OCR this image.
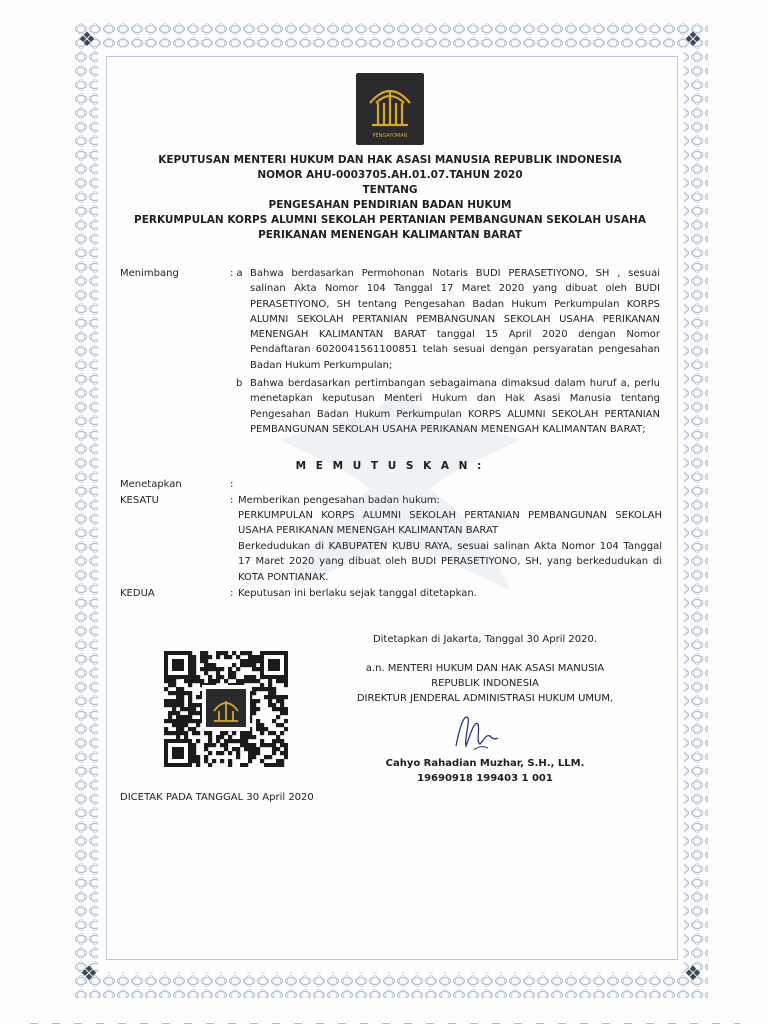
❖	❖
❖	❖
PENGAYOMAN
KEPUTUSAN MENTERI HUKUM DAN HAK ASASI MANUSIA REPUBLIK INDONESIA
NOMOR AHU-0003705.AH.01.07.TAHUN 2020
TENTANG
PENGESAHAN PENDIRIAN BADAN HUKUM
PERKUMPULAN KORPS ALUMNI SEKOLAH PERTANIAN PEMBANGUNAN SEKOLAH USAHA
PERIKANAN MENENGAH KALIMANTAN BARAT
Menimbang	: a Bahwa berdasarkan Permohonan Notaris BUDI PERASETIYONO, SH , sesuai salinan Akta Nomor 104 Tanggal 17 Maret 2020 yang dibuat oleh BUDI PERASETIYONO, SH tentang Pengesahan Badan Hukum Perkumpulan KORPS ALUMNI SEKOLAH PERTANIAN PEMBANGUNAN SEKOLAH USAHA PERIKANAN MENENGAH KALIMANTAN BARAT tanggal 15 April 2020 dengan Nomor Pendaftaran 6020041561100851 telah sesuai dengan persyaratan pengesahan Badan Hukum Perkumpulan;
b Bahwa berdasarkan pertimbangan sebagaimana dimaksud dalam huruf a, perlu menetapkan keputusan Menteri Hukum dan Hak Asasi Manusia tentang Pengesahan Badan Hukum Perkumpulan KORPS ALUMNI SEKOLAH PERTANIAN PEMBANGUNAN SEKOLAH USAHA PERIKANAN MENENGAH KALIMANTAN BARAT;
M E M U T U S K A N :
Menetapkan	:
KESATU	: Memberikan pengesahan badan hukum:
PERKUMPULAN KORPS ALUMNI SEKOLAH PERTANIAN PEMBANGUNAN SEKOLAH USAHA PERIKANAN MENENGAH KALIMANTAN BARAT
Berkedudukan di KABUPATEN KUBU RAYA, sesuai salinan Akta Nomor 104 Tanggal 17 Maret 2020 yang dibuat oleh BUDI PERASETIYONO, SH, yang berkedudukan di KOTA PONTIANAK.
KEDUA	: Keputusan ini berlaku sejak tanggal ditetapkan.
Ditetapkan di Jakarta, Tanggal 30 April 2020.
a.n. MENTERI HUKUM DAN HAK ASASI MANUSIA
REPUBLIK INDONESIA
DIREKTUR JENDERAL ADMINISTRASI HUKUM UMUM,
Cahyo Rahadian Muzhar, S.H., LLM.
19690918 199403 1 001
DICETAK PADA TANGGAL 30 April 2020
